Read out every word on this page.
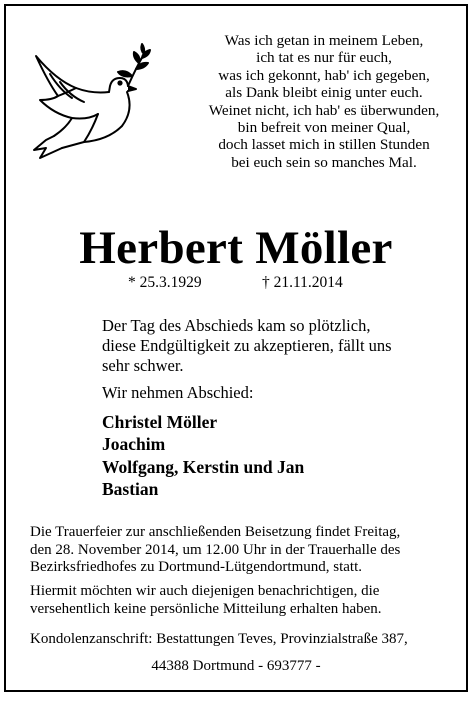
Was ich getan in meinem Leben,
ich tat es nur für euch,
was ich gekonnt, hab' ich gegeben,
als Dank bleibt einig unter euch.
Weinet nicht, ich hab' es überwunden,
bin befreit von meiner Qual,
doch lasset mich in stillen Stunden
bei euch sein so manches Mal.
Herbert Möller
* 25.3.1929	† 21.11.2014
Der Tag des Abschieds kam so plötzlich,
diese Endgültigkeit zu akzeptieren, fällt uns
sehr schwer.
Wir nehmen Abschied:
Christel Möller
Joachim
Wolfgang, Kerstin und Jan
Bastian
Die Trauerfeier zur anschließenden Beisetzung findet Freitag,
den 28. November 2014, um 12.00 Uhr in der Trauerhalle des
Bezirksfriedhofes zu Dortmund-Lütgendortmund, statt.
Hiermit möchten wir auch diejenigen benachrichtigen, die
versehentlich keine persönliche Mitteilung erhalten haben.
Kondolenzanschrift: Bestattungen Teves, Provinzialstraße 387,
44388 Dortmund - 693777 -
